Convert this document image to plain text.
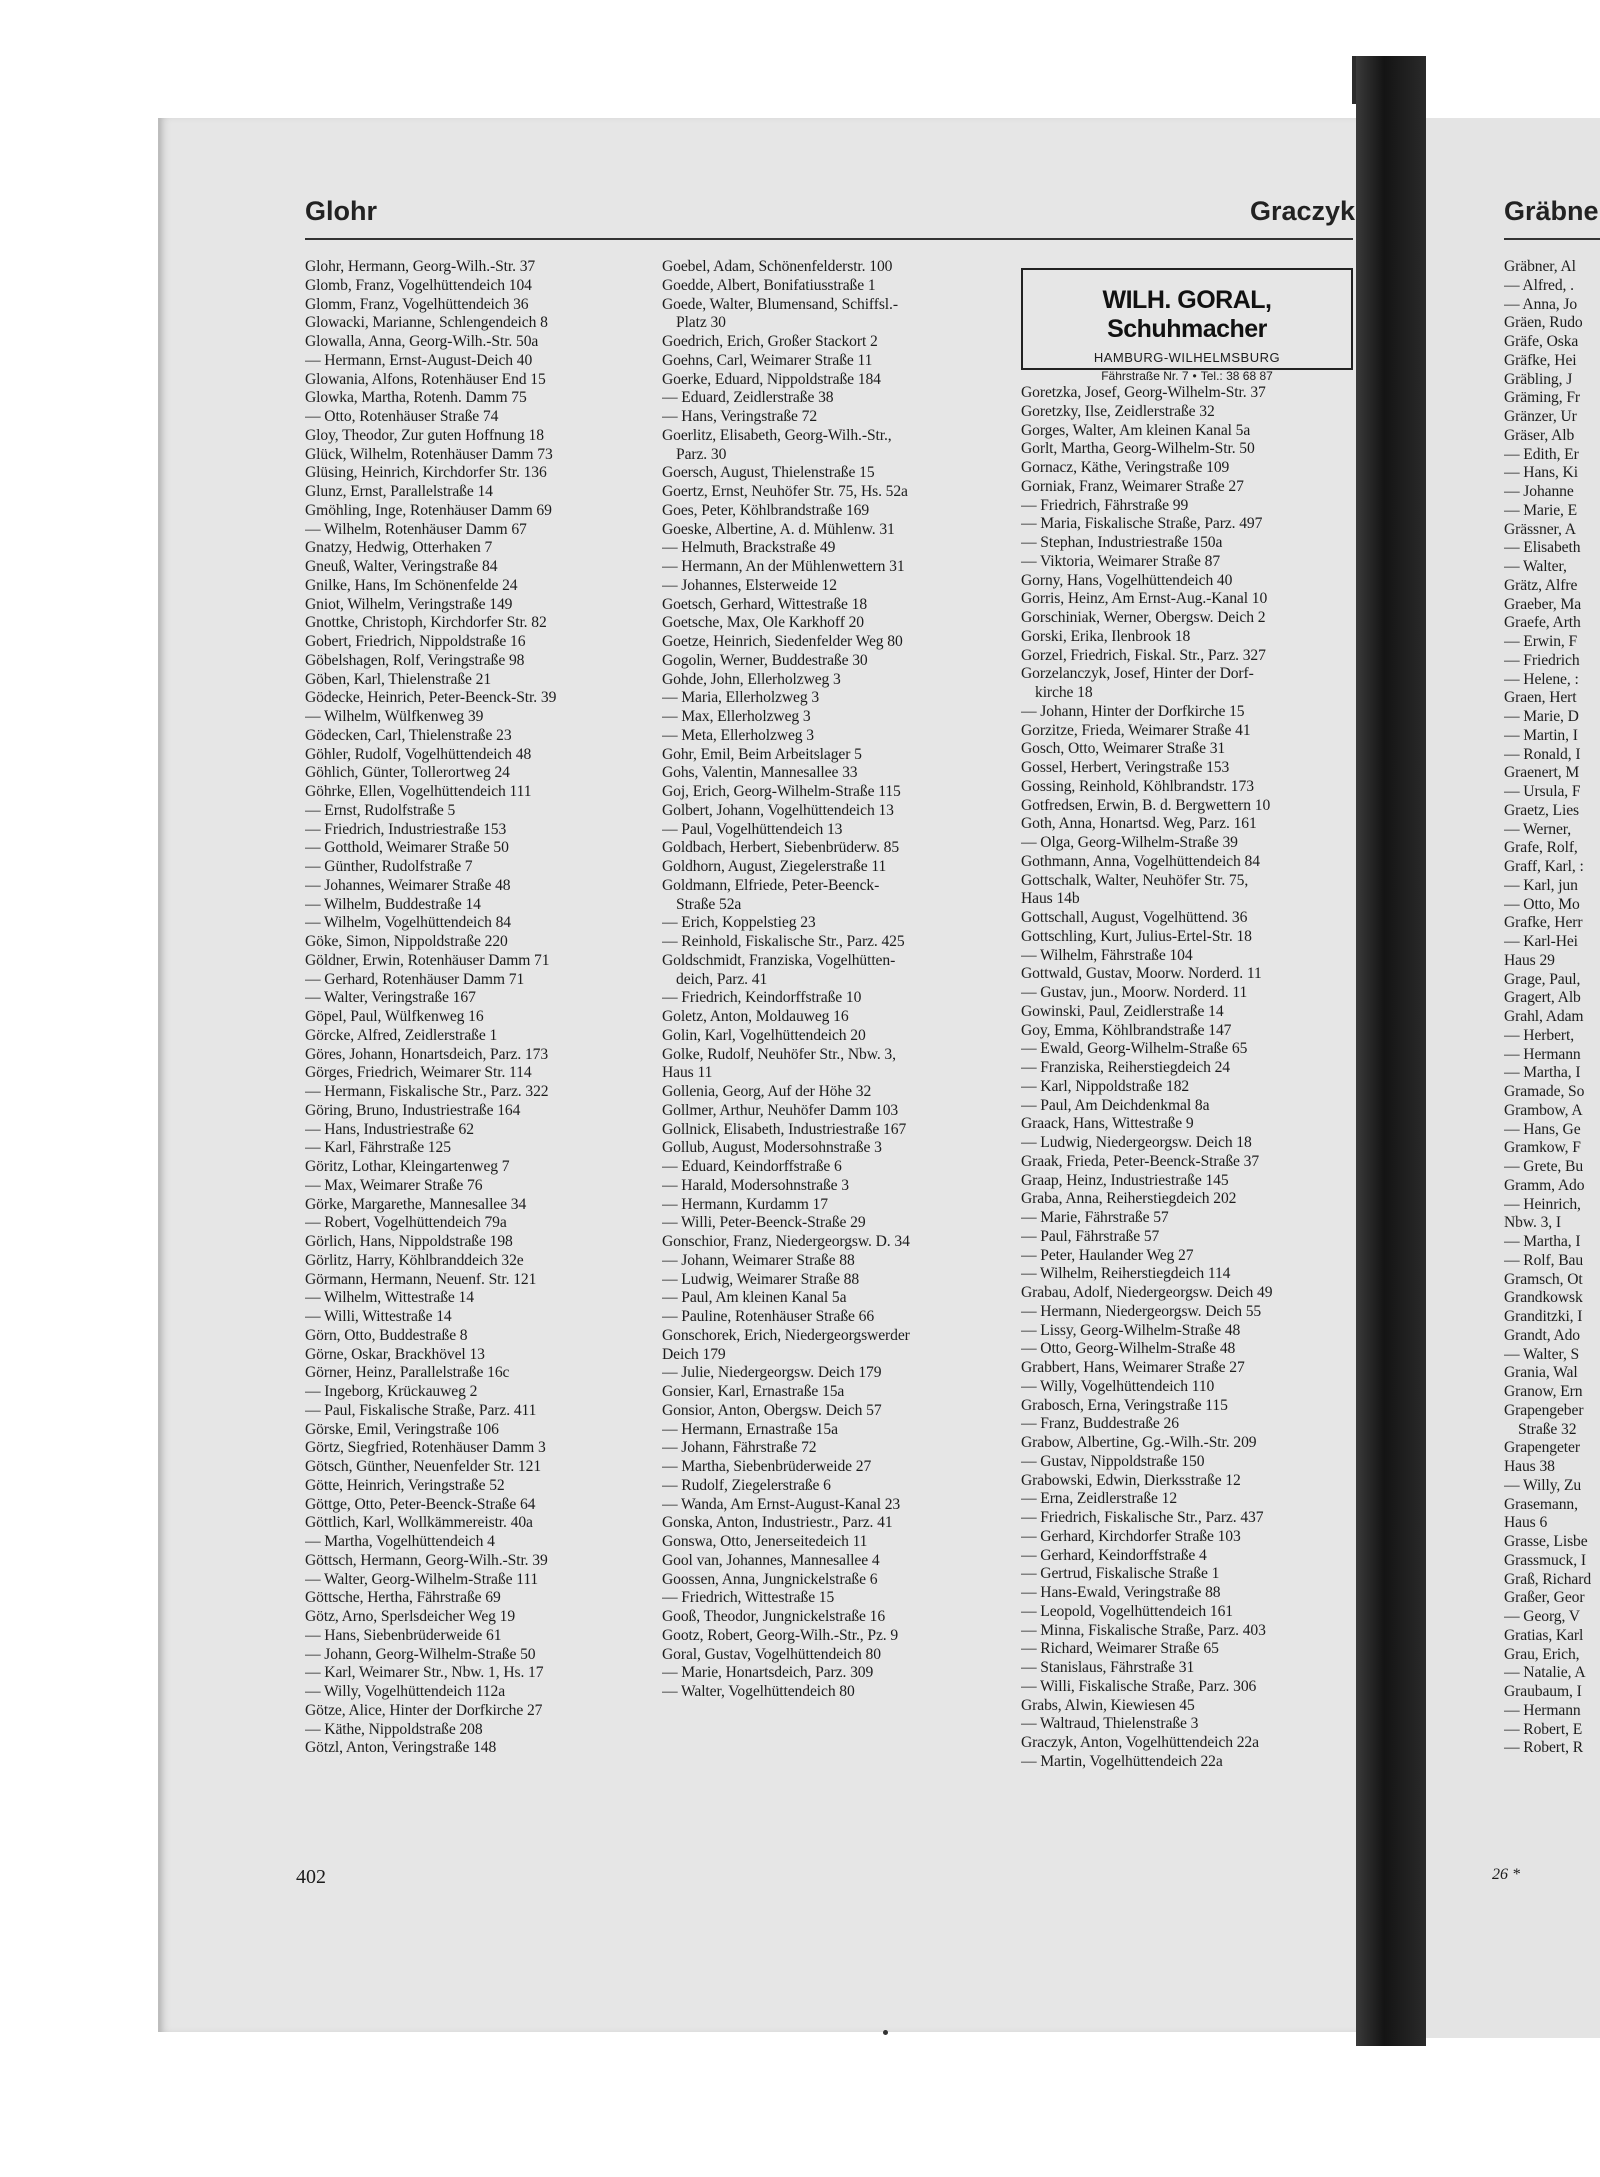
Glohr	Graczyk	Gräbne
Glohr, Hermann, Georg-Wilh.-Str. 37
Glomb, Franz, Vogelhüttendeich 104
Glomm, Franz, Vogelhüttendeich 36
Glowacki, Marianne, Schlengendeich 8
Glowalla, Anna, Georg-Wilh.-Str. 50a
— Hermann, Ernst-August-Deich 40
Glowania, Alfons, Rotenhäuser End 15
Glowka, Martha, Rotenh. Damm 75
— Otto, Rotenhäuser Straße 74
Gloy, Theodor, Zur guten Hoffnung 18
Glück, Wilhelm, Rotenhäuser Damm 73
Glüsing, Heinrich, Kirchdorfer Str. 136
Glunz, Ernst, Parallelstraße 14
Gmöhling, Inge, Rotenhäuser Damm 69
— Wilhelm, Rotenhäuser Damm 67
Gnatzy, Hedwig, Otterhaken 7
Gneuß, Walter, Veringstraße 84
Gnilke, Hans, Im Schönenfelde 24
Gniot, Wilhelm, Veringstraße 149
Gnottke, Christoph, Kirchdorfer Str. 82
Gobert, Friedrich, Nippoldstraße 16
Göbelshagen, Rolf, Veringstraße 98
Göben, Karl, Thielenstraße 21
Gödecke, Heinrich, Peter-Beenck-Str. 39
— Wilhelm, Wülfkenweg 39
Gödecken, Carl, Thielenstraße 23
Göhler, Rudolf, Vogelhüttendeich 48
Göhlich, Günter, Tollerortweg 24
Göhrke, Ellen, Vogelhüttendeich 111
— Ernst, Rudolfstraße 5
— Friedrich, Industriestraße 153
— Gotthold, Weimarer Straße 50
— Günther, Rudolfstraße 7
— Johannes, Weimarer Straße 48
— Wilhelm, Buddestraße 14
— Wilhelm, Vogelhüttendeich 84
Göke, Simon, Nippoldstraße 220
Göldner, Erwin, Rotenhäuser Damm 71
— Gerhard, Rotenhäuser Damm 71
— Walter, Veringstraße 167
Göpel, Paul, Wülfkenweg 16
Görcke, Alfred, Zeidlerstraße 1
Göres, Johann, Honartsdeich, Parz. 173
Görges, Friedrich, Weimarer Str. 114
— Hermann, Fiskalische Str., Parz. 322
Göring, Bruno, Industriestraße 164
— Hans, Industriestraße 62
— Karl, Fährstraße 125
Göritz, Lothar, Kleingartenweg 7
— Max, Weimarer Straße 76
Görke, Margarethe, Mannesallee 34
— Robert, Vogelhüttendeich 79a
Görlich, Hans, Nippoldstraße 198
Görlitz, Harry, Köhlbranddeich 32e
Görmann, Hermann, Neuenf. Str. 121
— Wilhelm, Wittestraße 14
— Willi, Wittestraße 14
Görn, Otto, Buddestraße 8
Görne, Oskar, Brackhövel 13
Görner, Heinz, Parallelstraße 16c
— Ingeborg, Krückauweg 2
— Paul, Fiskalische Straße, Parz. 411
Görske, Emil, Veringstraße 106
Görtz, Siegfried, Rotenhäuser Damm 3
Götsch, Günther, Neuenfelder Str. 121
Götte, Heinrich, Veringstraße 52
Göttge, Otto, Peter-Beenck-Straße 64
Göttlich, Karl, Wollkämmereistr. 40a
— Martha, Vogelhüttendeich 4
Göttsch, Hermann, Georg-Wilh.-Str. 39
— Walter, Georg-Wilhelm-Straße 111
Göttsche, Hertha, Fährstraße 69
Götz, Arno, Sperlsdeicher Weg 19
— Hans, Siebenbrüderweide 61
— Johann, Georg-Wilhelm-Straße 50
— Karl, Weimarer Str., Nbw. 1, Hs. 17
— Willy, Vogelhüttendeich 112a
Götze, Alice, Hinter der Dorfkirche 27
— Käthe, Nippoldstraße 208
Götzl, Anton, Veringstraße 148
Goebel, Adam, Schönenfelderstr. 100
Goedde, Albert, Bonifatiusstraße 1
Goede, Walter, Blumensand, Schiffsl.-
Platz 30
Goedrich, Erich, Großer Stackort 2
Goehns, Carl, Weimarer Straße 11
Goerke, Eduard, Nippoldstraße 184
— Eduard, Zeidlerstraße 38
— Hans, Veringstraße 72
Goerlitz, Elisabeth, Georg-Wilh.-Str.,
Parz. 30
Goersch, August, Thielenstraße 15
Goertz, Ernst, Neuhöfer Str. 75, Hs. 52a
Goes, Peter, Köhlbrandstraße 169
Goeske, Albertine, A. d. Mühlenw. 31
— Helmuth, Brackstraße 49
— Hermann, An der Mühlenwettern 31
— Johannes, Elsterweide 12
Goetsch, Gerhard, Wittestraße 18
Goetsche, Max, Ole Karkhoff 20
Goetze, Heinrich, Siedenfelder Weg 80
Gogolin, Werner, Buddestraße 30
Gohde, John, Ellerholzweg 3
— Maria, Ellerholzweg 3
— Max, Ellerholzweg 3
— Meta, Ellerholzweg 3
Gohr, Emil, Beim Arbeitslager 5
Gohs, Valentin, Mannesallee 33
Goj, Erich, Georg-Wilhelm-Straße 115
Golbert, Johann, Vogelhüttendeich 13
— Paul, Vogelhüttendeich 13
Goldbach, Herbert, Siebenbrüderw. 85
Goldhorn, August, Ziegelerstraße 11
Goldmann, Elfriede, Peter-Beenck-
Straße 52a
— Erich, Koppelstieg 23
— Reinhold, Fiskalische Str., Parz. 425
Goldschmidt, Franziska, Vogelhütten-
deich, Parz. 41
— Friedrich, Keindorffstraße 10
Goletz, Anton, Moldauweg 16
Golin, Karl, Vogelhüttendeich 20
Golke, Rudolf, Neuhöfer Str., Nbw. 3,
Haus 11
Gollenia, Georg, Auf der Höhe 32
Gollmer, Arthur, Neuhöfer Damm 103
Gollnick, Elisabeth, Industriestraße 167
Gollub, August, Modersohnstraße 3
— Eduard, Keindorffstraße 6
— Harald, Modersohnstraße 3
— Hermann, Kurdamm 17
— Willi, Peter-Beenck-Straße 29
Gonschior, Franz, Niedergeorgsw. D. 34
— Johann, Weimarer Straße 88
— Ludwig, Weimarer Straße 88
— Paul, Am kleinen Kanal 5a
— Pauline, Rotenhäuser Straße 66
Gonschorek, Erich, Niedergeorgswerder
Deich 179
— Julie, Niedergeorgsw. Deich 179
Gonsier, Karl, Ernastraße 15a
Gonsior, Anton, Obergsw. Deich 57
— Hermann, Ernastraße 15a
— Johann, Fährstraße 72
— Martha, Siebenbrüderweide 27
— Rudolf, Ziegelerstraße 6
— Wanda, Am Ernst-August-Kanal 23
Gonska, Anton, Industriestr., Parz. 41
Gonswa, Otto, Jenerseitedeich 11
Gool van, Johannes, Mannesallee 4
Goossen, Anna, Jungnickelstraße 6
— Friedrich, Wittestraße 15
Gooß, Theodor, Jungnickelstraße 16
Gootz, Robert, Georg-Wilh.-Str., Pz. 9
Goral, Gustav, Vogelhüttendeich 80
— Marie, Honartsdeich, Parz. 309
— Walter, Vogelhüttendeich 80
WILH. GORAL, Schuhmacher
HAMBURG-WILHELMSBURG
Fährstraße Nr. 7 • Tel.: 38 68 87
Goretzka, Josef, Georg-Wilhelm-Str. 37
Goretzky, Ilse, Zeidlerstraße 32
Gorges, Walter, Am kleinen Kanal 5a
Gorlt, Martha, Georg-Wilhelm-Str. 50
Gornacz, Käthe, Veringstraße 109
Gorniak, Franz, Weimarer Straße 27
— Friedrich, Fährstraße 99
— Maria, Fiskalische Straße, Parz. 497
— Stephan, Industriestraße 150a
— Viktoria, Weimarer Straße 87
Gorny, Hans, Vogelhüttendeich 40
Gorris, Heinz, Am Ernst-Aug.-Kanal 10
Gorschiniak, Werner, Obergsw. Deich 2
Gorski, Erika, Ilenbrook 18
Gorzel, Friedrich, Fiskal. Str., Parz. 327
Gorzelanczyk, Josef, Hinter der Dorf-
kirche 18
— Johann, Hinter der Dorfkirche 15
Gorzitze, Frieda, Weimarer Straße 41
Gosch, Otto, Weimarer Straße 31
Gossel, Herbert, Veringstraße 153
Gossing, Reinhold, Köhlbrandstr. 173
Gotfredsen, Erwin, B. d. Bergwettern 10
Goth, Anna, Honartsd. Weg, Parz. 161
— Olga, Georg-Wilhelm-Straße 39
Gothmann, Anna, Vogelhüttendeich 84
Gottschalk, Walter, Neuhöfer Str. 75,
Haus 14b
Gottschall, August, Vogelhüttend. 36
Gottschling, Kurt, Julius-Ertel-Str. 18
— Wilhelm, Fährstraße 104
Gottwald, Gustav, Moorw. Norderd. 11
— Gustav, jun., Moorw. Norderd. 11
Gowinski, Paul, Zeidlerstraße 14
Goy, Emma, Köhlbrandstraße 147
— Ewald, Georg-Wilhelm-Straße 65
— Franziska, Reiherstiegdeich 24
— Karl, Nippoldstraße 182
— Paul, Am Deichdenkmal 8a
Graack, Hans, Wittestraße 9
— Ludwig, Niedergeorgsw. Deich 18
Graak, Frieda, Peter-Beenck-Straße 37
Graap, Heinz, Industriestraße 145
Graba, Anna, Reiherstiegdeich 202
— Marie, Fährstraße 57
— Paul, Fährstraße 57
— Peter, Haulander Weg 27
— Wilhelm, Reiherstiegdeich 114
Grabau, Adolf, Niedergeorgsw. Deich 49
— Hermann, Niedergeorgsw. Deich 55
— Lissy, Georg-Wilhelm-Straße 48
— Otto, Georg-Wilhelm-Straße 48
Grabbert, Hans, Weimarer Straße 27
— Willy, Vogelhüttendeich 110
Grabosch, Erna, Veringstraße 115
— Franz, Buddestraße 26
Grabow, Albertine, Gg.-Wilh.-Str. 209
— Gustav, Nippoldstraße 150
Grabowski, Edwin, Dierksstraße 12
— Erna, Zeidlerstraße 12
— Friedrich, Fiskalische Str., Parz. 437
— Gerhard, Kirchdorfer Straße 103
— Gerhard, Keindorffstraße 4
— Gertrud, Fiskalische Straße 1
— Hans-Ewald, Veringstraße 88
— Leopold, Vogelhüttendeich 161
— Minna, Fiskalische Straße, Parz. 403
— Richard, Weimarer Straße 65
— Stanislaus, Fährstraße 31
— Willi, Fiskalische Straße, Parz. 306
Grabs, Alwin, Kiewiesen 45
— Waltraud, Thielenstraße 3
Graczyk, Anton, Vogelhüttendeich 22a
— Martin, Vogelhüttendeich 22a
Gräbner, Al
— Alfred, .
— Anna, Jo
Gräen, Rudo
Gräfe, Oska
Gräfke, Hei
Gräbling, J
Gräming, Fr
Gränzer, Ur
Gräser, Alb
— Edith, Er
— Hans, Ki
— Johanne
— Marie, E
Grässner, A
— Elisabeth
— Walter,
Grätz, Alfre
Graeber, Ma
Graefe, Arth
— Erwin, F
— Friedrich
— Helene, :
Graen, Hert
— Marie, D
— Martin, I
— Ronald, I
Graenert, M
— Ursula, F
Graetz, Lies
— Werner,
Grafe, Rolf,
Graff, Karl, :
— Karl, jun
— Otto, Mo
Grafke, Herr
— Karl-Hei
Haus 29
Grage, Paul,
Gragert, Alb
Grahl, Adam
— Herbert,
— Hermann
— Martha, I
Gramade, So
Grambow, A
— Hans, Ge
Gramkow, F
— Grete, Bu
Gramm, Ado
— Heinrich,
Nbw. 3, I
— Martha, I
— Rolf, Bau
Gramsch, Ot
Grandkowsk
Granditzki, I
Grandt, Ado
— Walter, S
Grania, Wal
Granow, Ern
Grapengeber
Straße 32
Grapengeter
Haus 38
— Willy, Zu
Grasemann,
Haus 6
Grasse, Lisbe
Grassmuck, I
Graß, Richard
Graßer, Geor
— Georg, V
Gratias, Karl
Grau, Erich,
— Natalie, A
Graubaum, I
— Hermann
— Robert, E
— Robert, R
402	26 *
